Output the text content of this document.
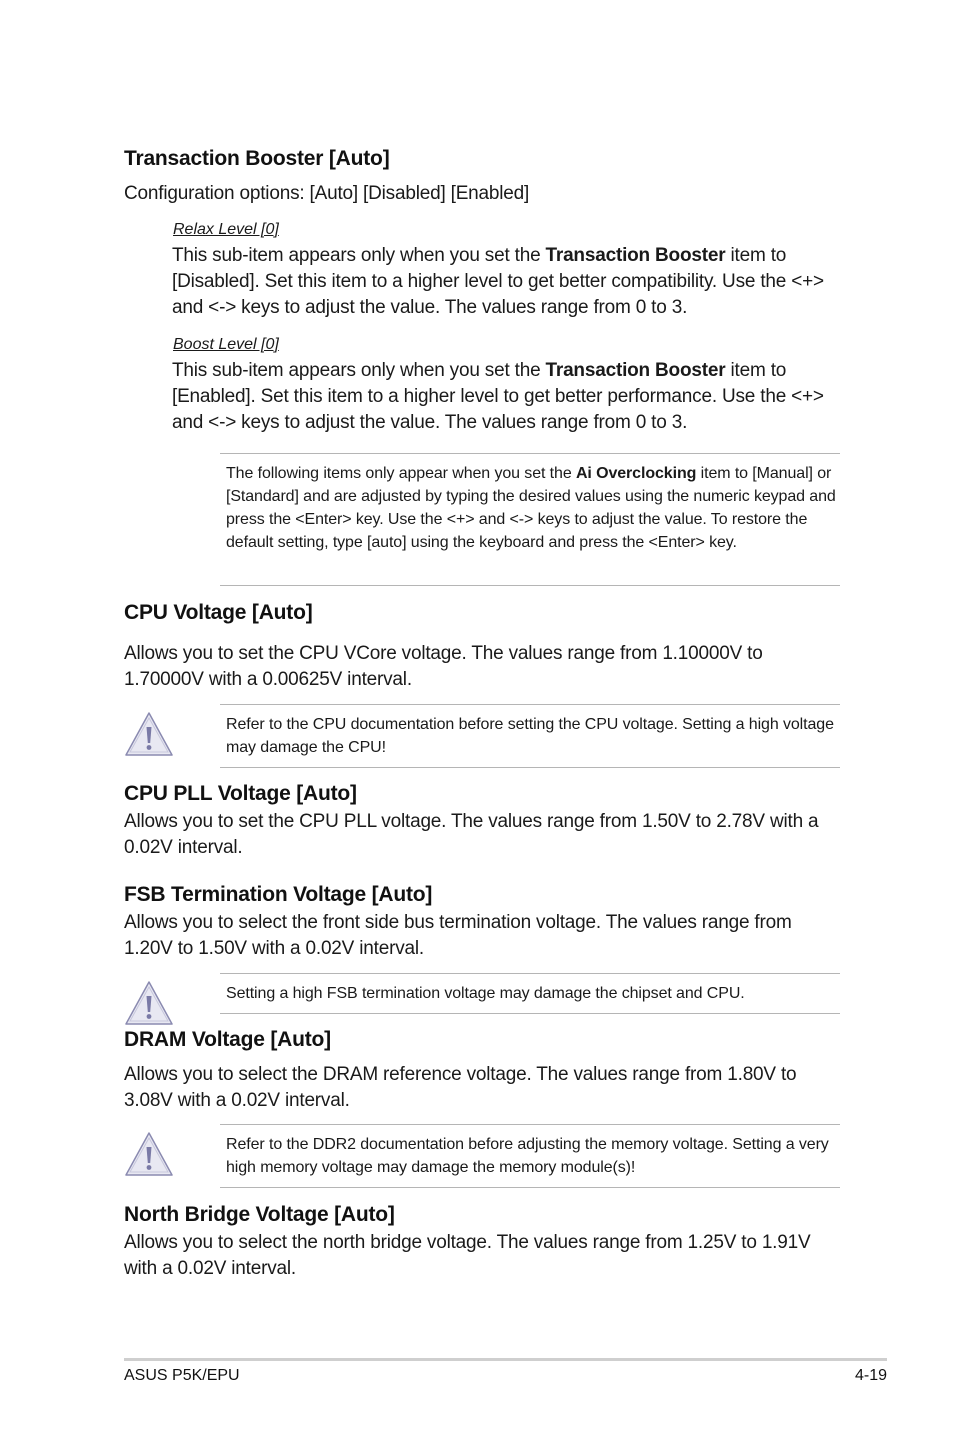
Transaction Booster [Auto]
Configuration options: [Auto] [Disabled] [Enabled]
Relax Level [0]
This sub-item appears only when you set the Transaction Booster item to [Disabled]. Set this item to a higher level to get better compatibility. Use the <+> and <-> keys to adjust the value. The values range from 0 to 3.
Boost Level [0]
This sub-item appears only when you set the Transaction Booster item to [Enabled]. Set this item to a higher level to get better performance. Use the <+> and <-> keys to adjust the value. The values range from 0 to 3.
The following items only appear when you set the Ai Overclocking item to [Manual] or [Standard] and are adjusted by typing the desired values using the numeric keypad and press the <Enter> key. Use the <+> and <-> keys to adjust the value. To restore the default setting, type [auto] using the keyboard and press the <Enter> key.
CPU Voltage [Auto]
Allows you to set the CPU VCore voltage. The values range from 1.10000V to 1.70000V with a 0.00625V interval.
Refer to the CPU documentation before setting the CPU voltage. Setting a high voltage may damage the CPU!
CPU PLL Voltage [Auto]
Allows you to set the CPU PLL voltage. The values range from 1.50V to 2.78V with a 0.02V interval.
FSB Termination Voltage [Auto]
Allows you to select the front side bus termination voltage. The values range from 1.20V to 1.50V with a 0.02V interval.
Setting a high FSB termination voltage may damage the chipset and CPU.
DRAM Voltage [Auto]
Allows you to select the DRAM reference voltage. The values range from 1.80V to 3.08V with a 0.02V interval.
Refer to the DDR2 documentation before adjusting the memory voltage. Setting a very high memory voltage may damage the memory module(s)!
North Bridge Voltage [Auto]
Allows you to select the north bridge voltage. The values range from 1.25V to 1.91V with a 0.02V interval.
ASUS P5K/EPU	4-19
